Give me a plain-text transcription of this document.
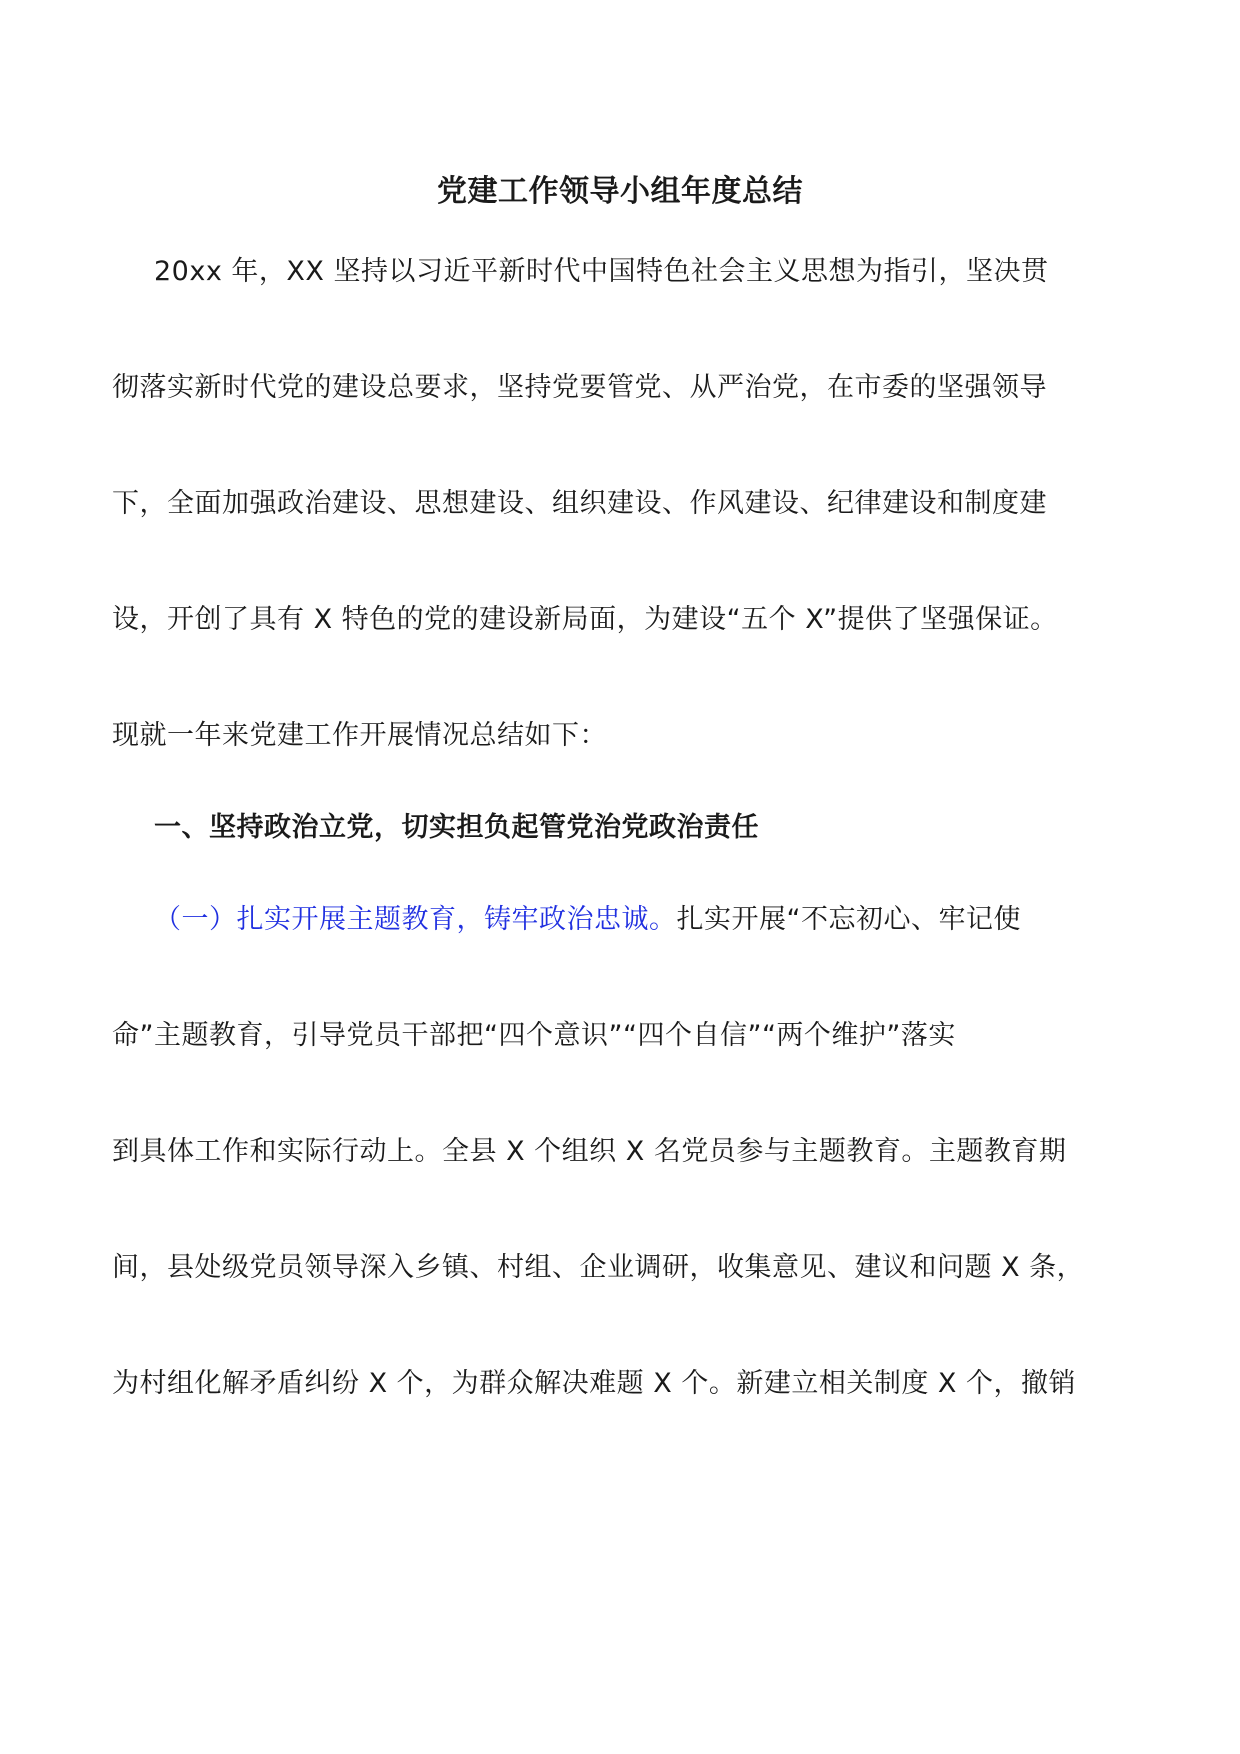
党建工作领导小组年度总结
20xx 年，XX 坚持以习近平新时代中国特色社会主义思想为指引，坚决贯
彻落实新时代党的建设总要求，坚持党要管党、从严治党，在市委的坚强领导
下，全面加强政治建设、思想建设、组织建设、作风建设、纪律建设和制度建
设，开创了具有 X 特色的党的建设新局面，为建设“五个 X”提供了坚强保证。
现就一年来党建工作开展情况总结如下：
一、坚持政治立党，切实担负起管党治党政治责任
（一）扎实开展主题教育，铸牢政治忠诚。扎实开展“不忘初心、牢记使
命”主题教育，引导党员干部把“四个意识”“四个自信”“两个维护”落实
到具体工作和实际行动上。全县 X 个组织 X 名党员参与主题教育。主题教育期
间，县处级党员领导深入乡镇、村组、企业调研，收集意见、建议和问题 X 条，
为村组化解矛盾纠纷 X 个，为群众解决难题 X 个。新建立相关制度 X 个，撤销
